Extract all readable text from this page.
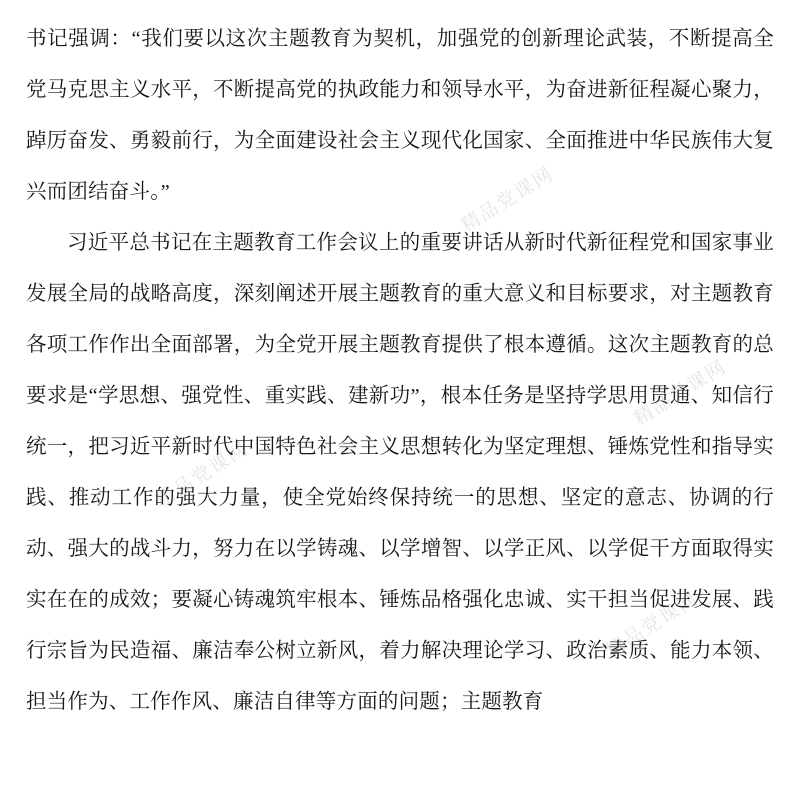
书记强调：“我们要以这次主题教育为契机，加强党的创新理论武装，不断提高全党马克思主义水平，不断提高党的执政能力和领导水平，为奋进新征程凝心聚力，踔厉奋发、勇毅前行，为全面建设社会主义现代化国家、全面推进中华民族伟大复兴而团结奋斗。”

习近平总书记在主题教育工作会议上的重要讲话从新时代新征程党和国家事业发展全局的战略高度，深刻阐述开展主题教育的重大意义和目标要求，对主题教育各项工作作出全面部署，为全党开展主题教育提供了根本遵循。这次主题教育的总要求是“学思想、强党性、重实践、建新功”，根本任务是坚持学思用贯通、知信行统一，把习近平新时代中国特色社会主义思想转化为坚定理想、锤炼党性和指导实践、推动工作的强大力量，使全党始终保持统一的思想、坚定的意志、协调的行动、强大的战斗力，努力在以学铸魂、以学增智、以学正风、以学促干方面取得实实在在的成效；要凝心铸魂筑牢根本、锤炼品格强化忠诚、实干担当促进发展、践行宗旨为民造福、廉洁奉公树立新风，着力解决理论学习、政治素质、能力本领、担当作为、工作作风、廉洁自律等方面的问题；主题教育

精品党课网
精品党课网
精品党课网
精品党课网
